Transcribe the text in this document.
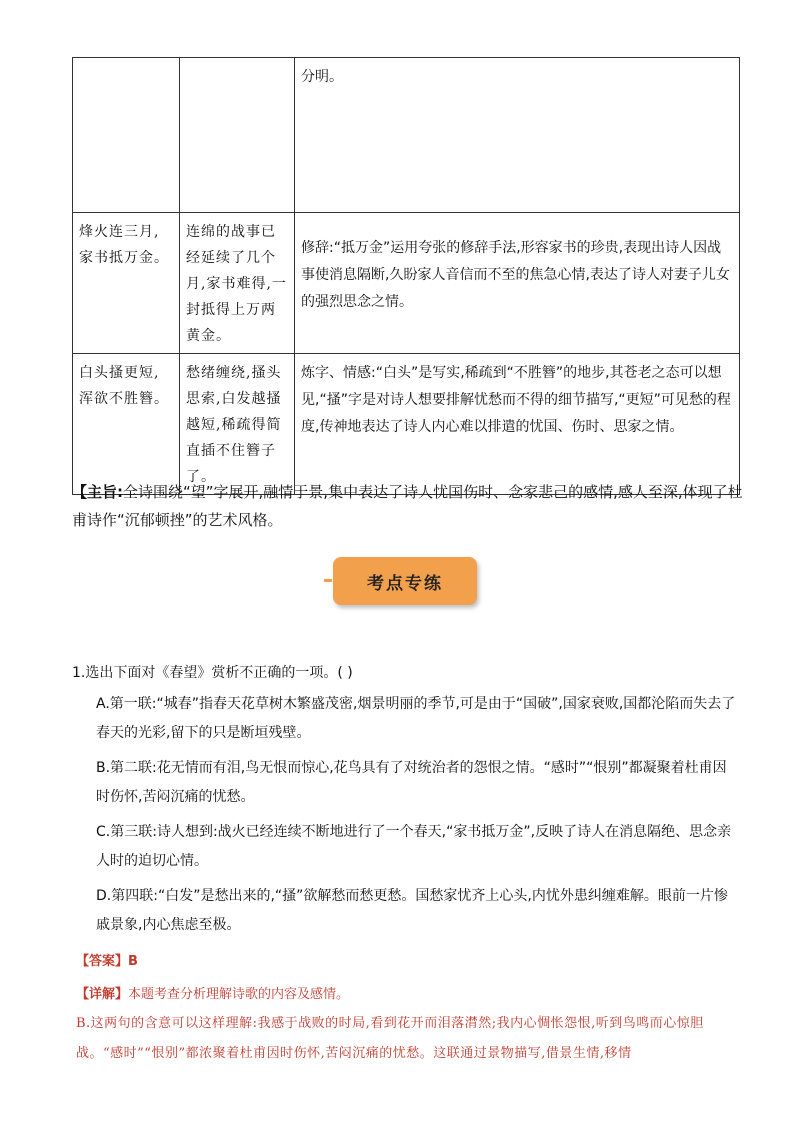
		分明。

烽火连三月,家书抵万金。	连绵的战事已经延续了几个月,家书难得,一封抵得上万两黄金。	修辞:“抵万金”运用夸张的修辞手法,形容家书的珍贵,表现出诗人因战事使消息隔断,久盼家人音信而不至的焦急心情,表达了诗人对妻子儿女的强烈思念之情。

白头搔更短,浑欲不胜簪。	愁绪缠绕,搔头思索,白发越搔越短,稀疏得简直插不住簪子了。	炼字、情感:“白头”是写实,稀疏到“不胜簪”的地步,其苍老之态可以想见,“搔”字是对诗人想要排解忧愁而不得的细节描写,“更短”可见愁的程度,传神地表达了诗人内心难以排遣的忧国、伤时、思家之情。
【主旨:全诗围绕“望”字展开,融情于景,集中表达了诗人忧国伤时、念家悲己的感情,感人至深,体现了杜甫诗作“沉郁顿挫”的艺术风格。
考点专练
1.选出下面对《春望》赏析不正确的一项。( )
A.第一联:“城春”指春天花草树木繁盛茂密,烟景明丽的季节,可是由于“国破”,国家衰败,国都沦陷而失去了春天的光彩,留下的只是断垣残壁。
B.第二联:花无情而有泪,鸟无恨而惊心,花鸟具有了对统治者的怨恨之情。“感时”“恨别”都凝聚着杜甫因时伤怀,苦闷沉痛的忧愁。
C.第三联:诗人想到:战火已经连续不断地进行了一个春天,“家书抵万金”,反映了诗人在消息隔绝、思念亲人时的迫切心情。
D.第四联:“白发”是愁出来的,“搔”欲解愁而愁更愁。国愁家忧齐上心头,内忧外患纠缠难解。眼前一片惨戚景象,内心焦虑至极。
【答案】B
【详解】本题考查分析理解诗歌的内容及感情。
B.这两句的含意可以这样理解:我感于战败的时局,看到花开而泪落潸然;我内心惆怅怨恨,听到鸟鸣而心惊胆战。“感时”“恨别”都浓聚着杜甫因时伤怀,苦闷沉痛的忧愁。这联通过景物描写,借景生情,移情
